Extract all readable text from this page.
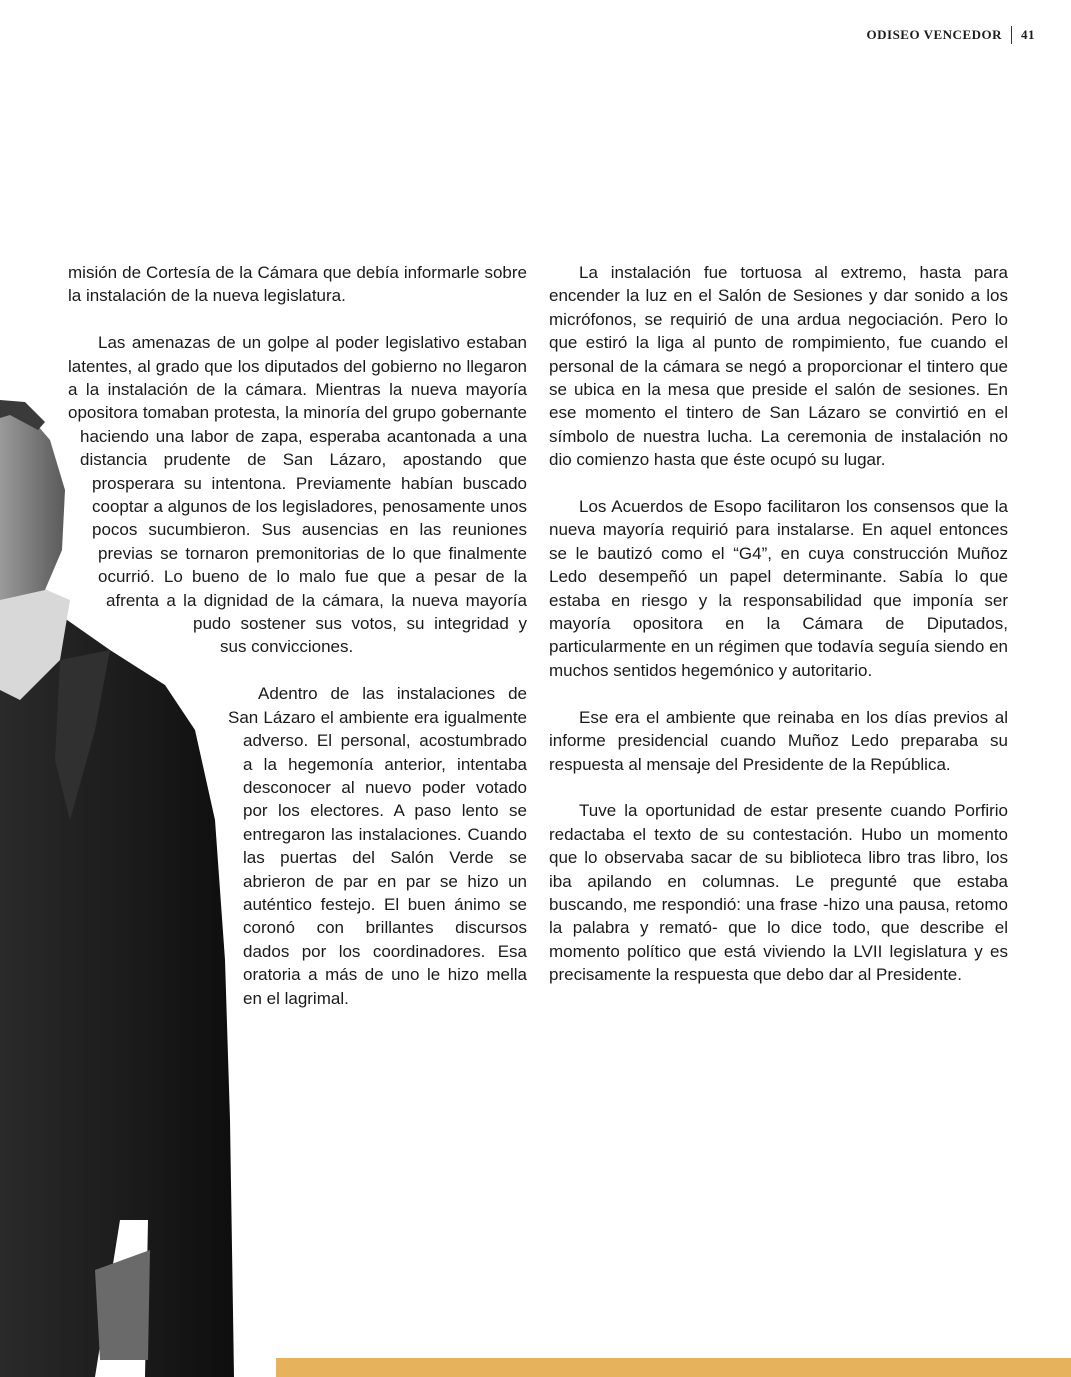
ODISEO VENCEDOR 41

misión de Cortesía de la Cámara que debía informarle sobre la instalación de la nueva legislatura.

Las amenazas de un golpe al poder legislativo estaban latentes, al grado que los diputados del gobierno no llegaron a la instalación de la cámara. Mientras la nueva mayoría opositora tomaban protesta, la minoría del grupo gobernante haciendo una labor de zapa, esperaba acantonada a una distancia prudente de San Lázaro, apostando que prosperara su intentona. Previamente habían buscado cooptar a algunos de los legisladores, penosamente unos pocos sucumbieron. Sus ausencias en las reuniones previas se tornaron premonitorias de lo que finalmente ocurrió. Lo bueno de lo malo fue que a pesar de la afrenta a la dignidad de la cámara, la nueva mayoría pudo sostener sus votos, su integridad y sus convicciones.

Adentro de las instalaciones de San Lázaro el ambiente era igualmente adverso. El personal, acostumbrado a la hegemonía anterior, intentaba desconocer al nuevo poder votado por los electores. A paso lento se entregaron las instalaciones. Cuando las puertas del Salón Verde se abrieron de par en par se hizo un auténtico festejo. El buen ánimo se coronó con brillantes discursos dados por los coordinadores. Esa oratoria a más de uno le hizo mella en el lagrimal.

La instalación fue tortuosa al extremo, hasta para encender la luz en el Salón de Sesiones y dar sonido a los micrófonos, se requirió de una ardua negociación. Pero lo que estiró la liga al punto de rompimiento, fue cuando el personal de la cámara se negó a proporcionar el tintero que se ubica en la mesa que preside el salón de sesiones. En ese momento el tintero de San Lázaro se convirtió en el símbolo de nuestra lucha. La ceremonia de instalación no dio comienzo hasta que éste ocupó su lugar.

Los Acuerdos de Esopo facilitaron los consensos que la nueva mayoría requirió para instalarse. En aquel entonces se le bautizó como el “G4”, en cuya construcción Muñoz Ledo desempeñó un papel determinante. Sabía lo que estaba en riesgo y la responsabilidad que imponía ser mayoría opositora en la Cámara de Diputados, particularmente en un régimen que todavía seguía siendo en muchos sentidos hegemónico y autoritario.

Ese era el ambiente que reinaba en los días previos al informe presidencial cuando Muñoz Ledo preparaba su respuesta al mensaje del Presidente de la República.

Tuve la oportunidad de estar presente cuando Porfirio redactaba el texto de su contestación. Hubo un momento que lo observaba sacar de su biblioteca libro tras libro, los iba apilando en columnas. Le pregunté que estaba buscando, me respondió: una frase -hizo una pausa, retomo la palabra y remató- que lo dice todo, que describe el momento político que está viviendo la LVII legislatura y es precisamente la respuesta que debo dar al Presidente.
